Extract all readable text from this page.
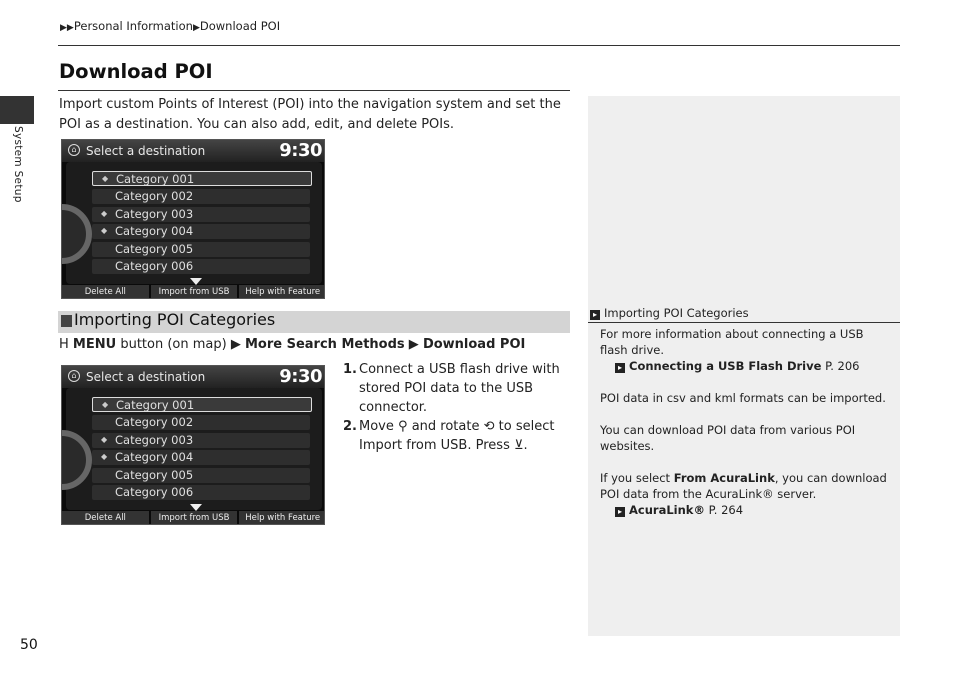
▶▶Personal Information▶Download POI
System Setup
Download POI
Import custom Points of Interest (POI) into the navigation system and set the POI as a destination. You can also add, edit, and delete POIs.
⌂ Select a destination	9:30
◆ Category 001
Category 002
◆ Category 003
◆ Category 004
Category 005
Category 006
Delete All	Import from USB	Help with Feature
Importing POI Categories
H MENU button (on map) ▶ More Search Methods ▶ Download POI
⌂ Select a destination	9:30
◆ Category 001
Category 002
◆ Category 003
◆ Category 004
Category 005
Category 006
Delete All	Import from USB	Help with Feature
1. Connect a USB flash drive with stored POI data to the USB connector.
2. Move ⚲ and rotate ⟲ to select Import from USB. Press ⊻.
▸ Importing POI Categories
For more information about connecting a USB flash drive.
▸ Connecting a USB Flash Drive P. 206
POI data in csv and kml formats can be imported.
You can download POI data from various POI websites.
If you select From AcuraLink, you can download POI data from the AcuraLink® server.
▸ AcuraLink® P. 264
50
